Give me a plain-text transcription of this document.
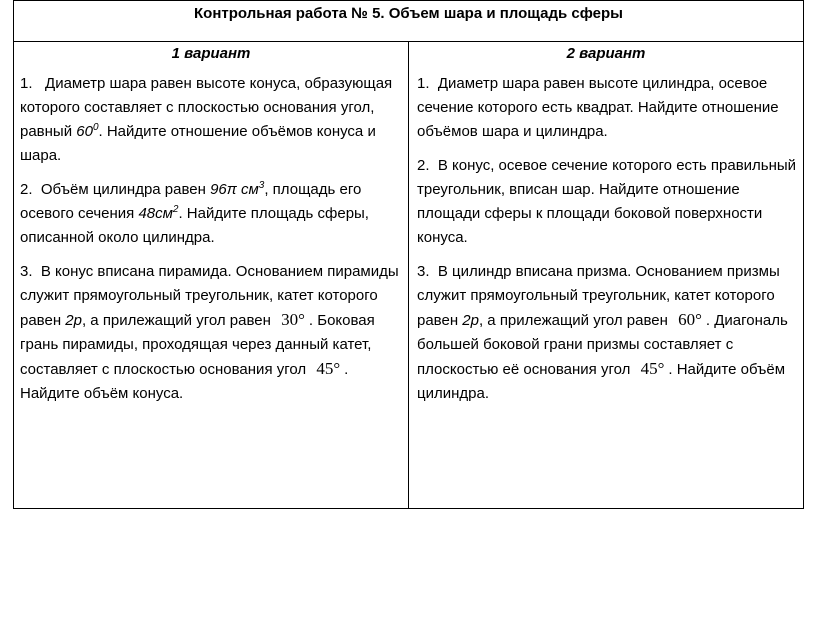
Контрольная работа № 5. Объем шара и площадь сферы

1 вариант
1. Диаметр шара равен высоте конуса, образующая которого составляет с плоскостью основания угол, равный $60^0$. Найдите отношение объёмов конуса и шара.
2. Объём цилиндра равен 96π $см^3$, площадь его осевого сечения $48см^2$. Найдите площадь сферы, описанной около цилиндра.
3. В конус вписана пирамида. Основанием пирамиды служит прямоугольный треугольник, катет которого равен 2p, а прилежащий угол равен 30° . Боковая грань пирамиды, проходящая через данный катет, составляет с плоскостью основания угол 45° . Найдите объём конуса.

2 вариант
1. Диаметр шара равен высоте цилиндра, осевое сечение которого есть квадрат. Найдите отношение объёмов шара и цилиндра.
2. В конус, осевое сечение которого есть правильный треугольник, вписан шар. Найдите отношение площади сферы к площади боковой поверхности конуса.
3. В цилиндр вписана призма. Основанием призмы служит прямоугольный треугольник, катет которого равен 2p, а прилежащий угол равен 60° . Диагональ большей боковой грани призмы составляет с плоскостью её основания угол 45° . Найдите объём цилиндра.
